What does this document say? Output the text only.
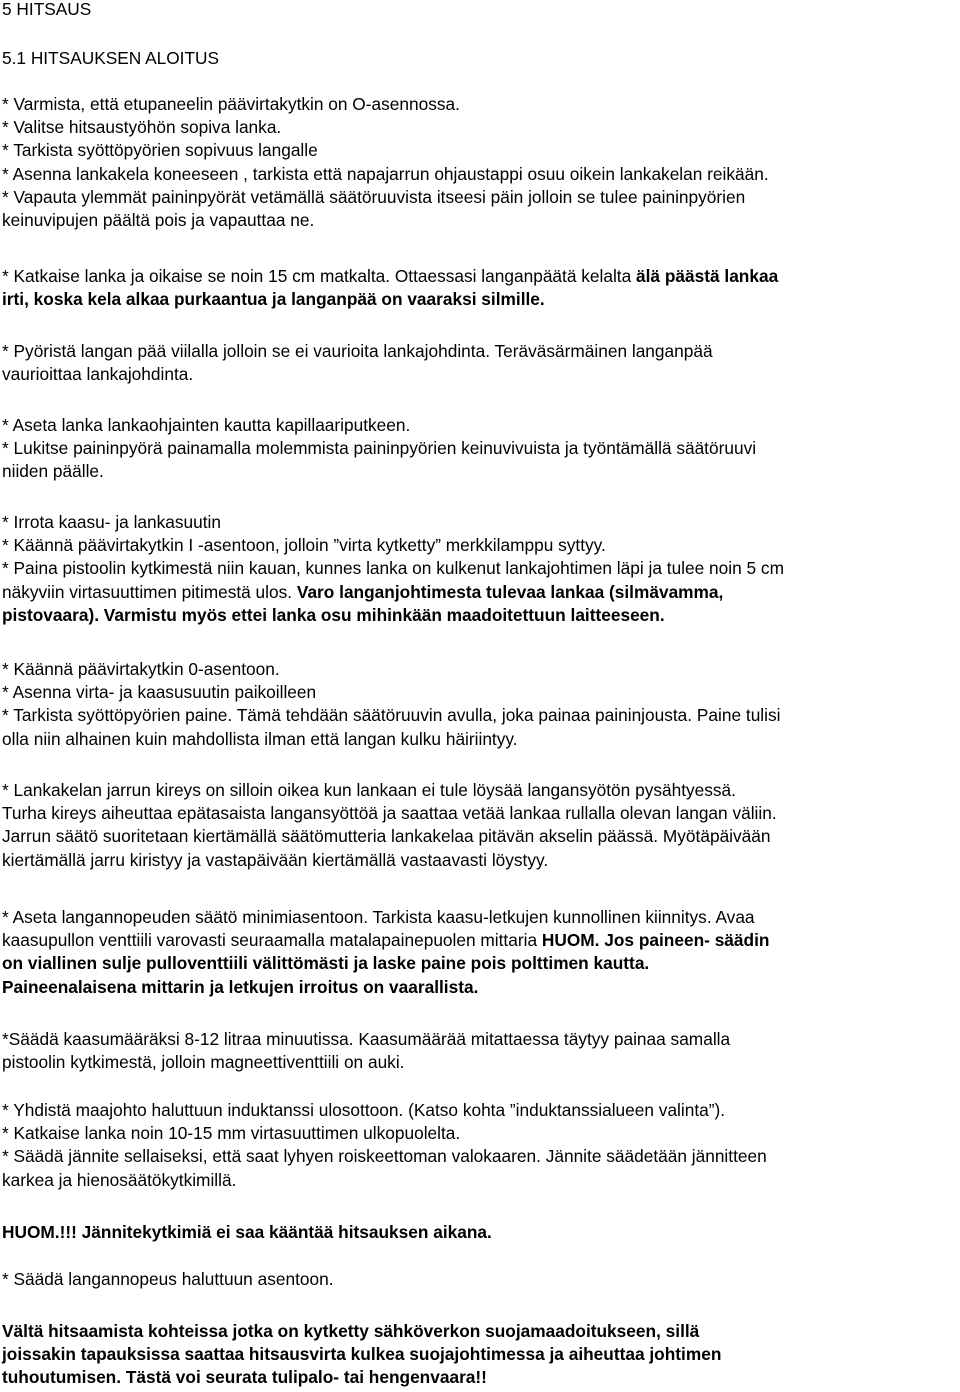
5 HITSAUS
5.1 HITSAUKSEN ALOITUS
* Varmista, että etupaneelin päävirtakytkin on O-asennossa.
* Valitse hitsaustyöhön sopiva lanka.
* Tarkista syöttöpyörien sopivuus langalle
* Asenna lankakela koneeseen , tarkista että napajarrun ohjaustappi osuu oikein lankakelan reikään.
* Vapauta ylemmät paininpyörät vetämällä säätöruuvista itseesi päin jolloin se tulee paininpyörien
keinuvipujen päältä pois ja vapauttaa ne.
* Katkaise lanka ja oikaise se noin 15 cm matkalta. Ottaessasi langanpäätä kelalta älä päästä lankaa
irti, koska kela alkaa purkaantua ja langanpää on vaaraksi silmille.
* Pyöristä langan pää viilalla jolloin se ei vaurioita lankajohdinta. Teräväsärmäinen langanpää
vaurioittaa lankajohdinta.
* Aseta lanka lankaohjainten kautta kapillaariputkeen.
* Lukitse paininpyörä painamalla molemmista paininpyörien keinuvivuista ja työntämällä säätöruuvi
niiden päälle.
* Irrota kaasu- ja lankasuutin
* Käännä päävirtakytkin I -asentoon, jolloin ”virta kytketty” merkkilamppu syttyy.
* Paina pistoolin kytkimestä niin kauan, kunnes lanka on kulkenut lankajohtimen läpi ja tulee noin 5 cm
näkyviin virtasuuttimen pitimestä ulos. Varo langanjohtimesta tulevaa lankaa (silmävamma,
pistovaara). Varmistu myös ettei lanka osu mihinkään maadoitettuun laitteeseen.
* Käännä päävirtakytkin 0-asentoon.
* Asenna virta- ja kaasusuutin paikoilleen
* Tarkista syöttöpyörien paine. Tämä tehdään säätöruuvin avulla, joka painaa paininjousta. Paine tulisi
olla niin alhainen kuin mahdollista ilman että langan kulku häiriintyy.
* Lankakelan jarrun kireys on silloin oikea kun lankaan ei tule löysää langansyötön pysähtyessä.
Turha kireys aiheuttaa epätasaista langansyöttöä ja saattaa vetää lankaa rullalla olevan langan väliin.
Jarrun säätö suoritetaan kiertämällä säätömutteria lankakelaa pitävän akselin päässä. Myötäpäivään
kiertämällä jarru kiristyy ja vastapäivään kiertämällä vastaavasti löystyy.
* Aseta langannopeuden säätö minimiasentoon. Tarkista kaasu-letkujen kunnollinen kiinnitys. Avaa
kaasupullon venttiili varovasti seuraamalla matalapainepuolen mittaria HUOM. Jos paineen- säädin
on viallinen sulje pulloventtiili välittömästi ja laske paine pois polttimen kautta.
Paineenalaisena mittarin ja letkujen irroitus on vaarallista.
*Säädä kaasumääräksi 8-12 litraa minuutissa. Kaasumäärää mitattaessa täytyy painaa samalla
pistoolin kytkimestä, jolloin magneettiventtiili on auki.
* Yhdistä maajohto haluttuun induktanssi ulosottoon. (Katso kohta ”induktanssialueen valinta”).
* Katkaise lanka noin 10-15 mm virtasuuttimen ulkopuolelta.
* Säädä jännite sellaiseksi, että saat lyhyen roiskeettoman valokaaren. Jännite säädetään jännitteen
karkea ja hienosäätökytkimillä.
HUOM.!!! Jännitekytkimiä ei saa kääntää hitsauksen aikana.
* Säädä langannopeus haluttuun asentoon.
Vältä hitsaamista kohteissa jotka on kytketty sähköverkon suojamaadoitukseen, sillä
joissakin tapauksissa saattaa hitsausvirta kulkea suojajohtimessa ja aiheuttaa johtimen
tuhoutumisen. Tästä voi seurata tulipalo- tai hengenvaara!!
